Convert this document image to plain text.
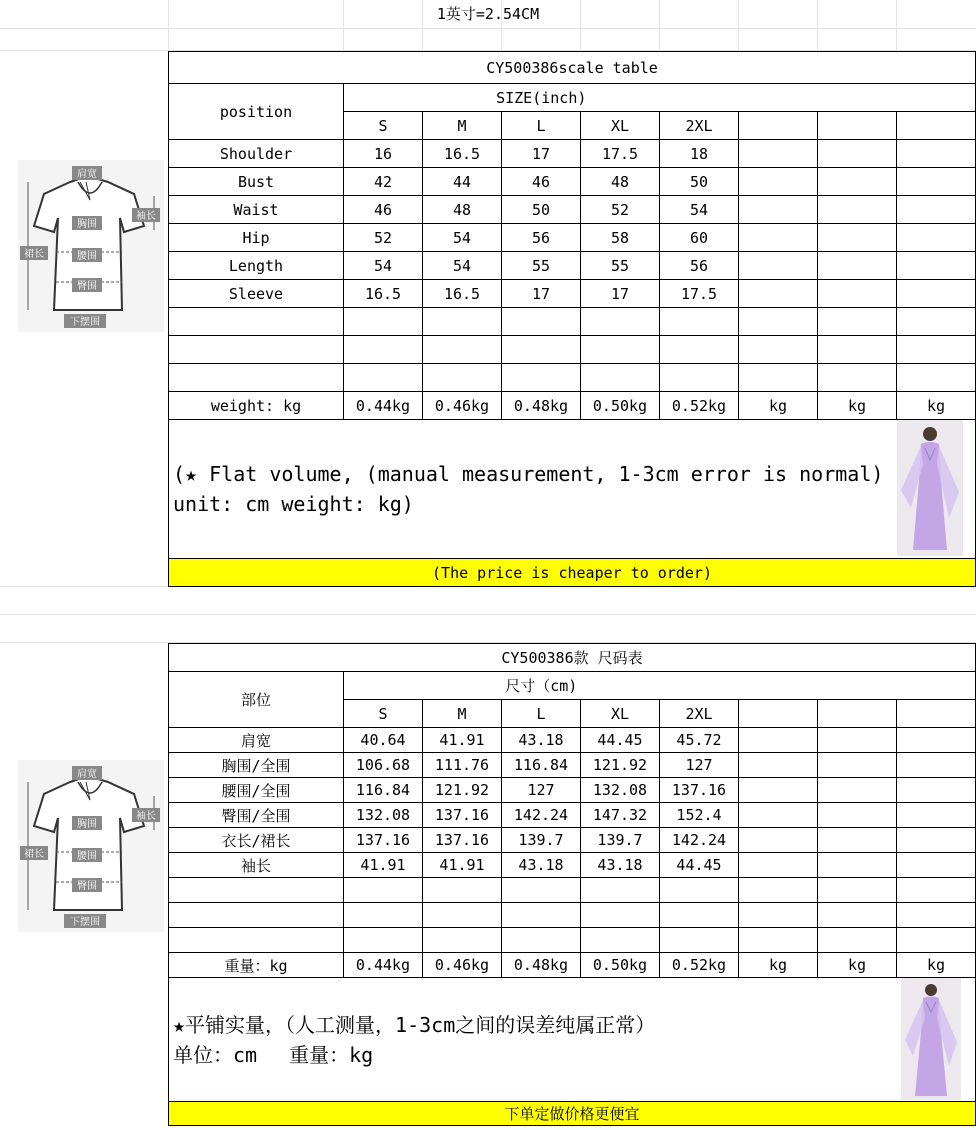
1英寸=2.54CM
肩宽
袖长
胸围
裙长	腰围
臀围
下摆围
CY500386scale table								
position	SIZE(inch)							
	S	M	L	XL	2XL			
Shoulder	16	16.5	17	17.5	18			
Bust	42	44	46	48	50			
Waist	46	48	50	52	54			
Hip	52	54	56	58	60			
Length	54	54	55	55	56			
Sleeve	16.5	16.5	17	17	17.5			

weight: kg	0.44kg	0.46kg	0.48kg	0.50kg	0.52kg	kg	kg	kg
(★ Flat volume, (manual measurement, 1-3cm error is normal) unit: cm weight: kg)	

(The price is cheaper to order)								
肩宽
袖长
胸围
裙长	腰围
臀围
下摆围
CY500386款 尺码表								
部位	尺寸（cm)							
	S	M	L	XL	2XL			
肩宽	40.64	41.91	43.18	44.45	45.72			
胸围/全围	106.68	111.76	116.84	121.92	127			
腰围/全围	116.84	121.92	127	132.08	137.16			
臀围/全围	132.08	137.16	142.24	147.32	152.4			
衣长/裙长	137.16	137.16	139.7	139.7	142.24			
袖长	41.91	41.91	43.18	43.18	44.45			

重量：kg	0.44kg	0.46kg	0.48kg	0.50kg	0.52kg	kg	kg	kg

★平铺实量，（人工测量，1-3cm之间的误差纯属正常）
单位：cm　 重量：kg

下单定做价格更便宜								
